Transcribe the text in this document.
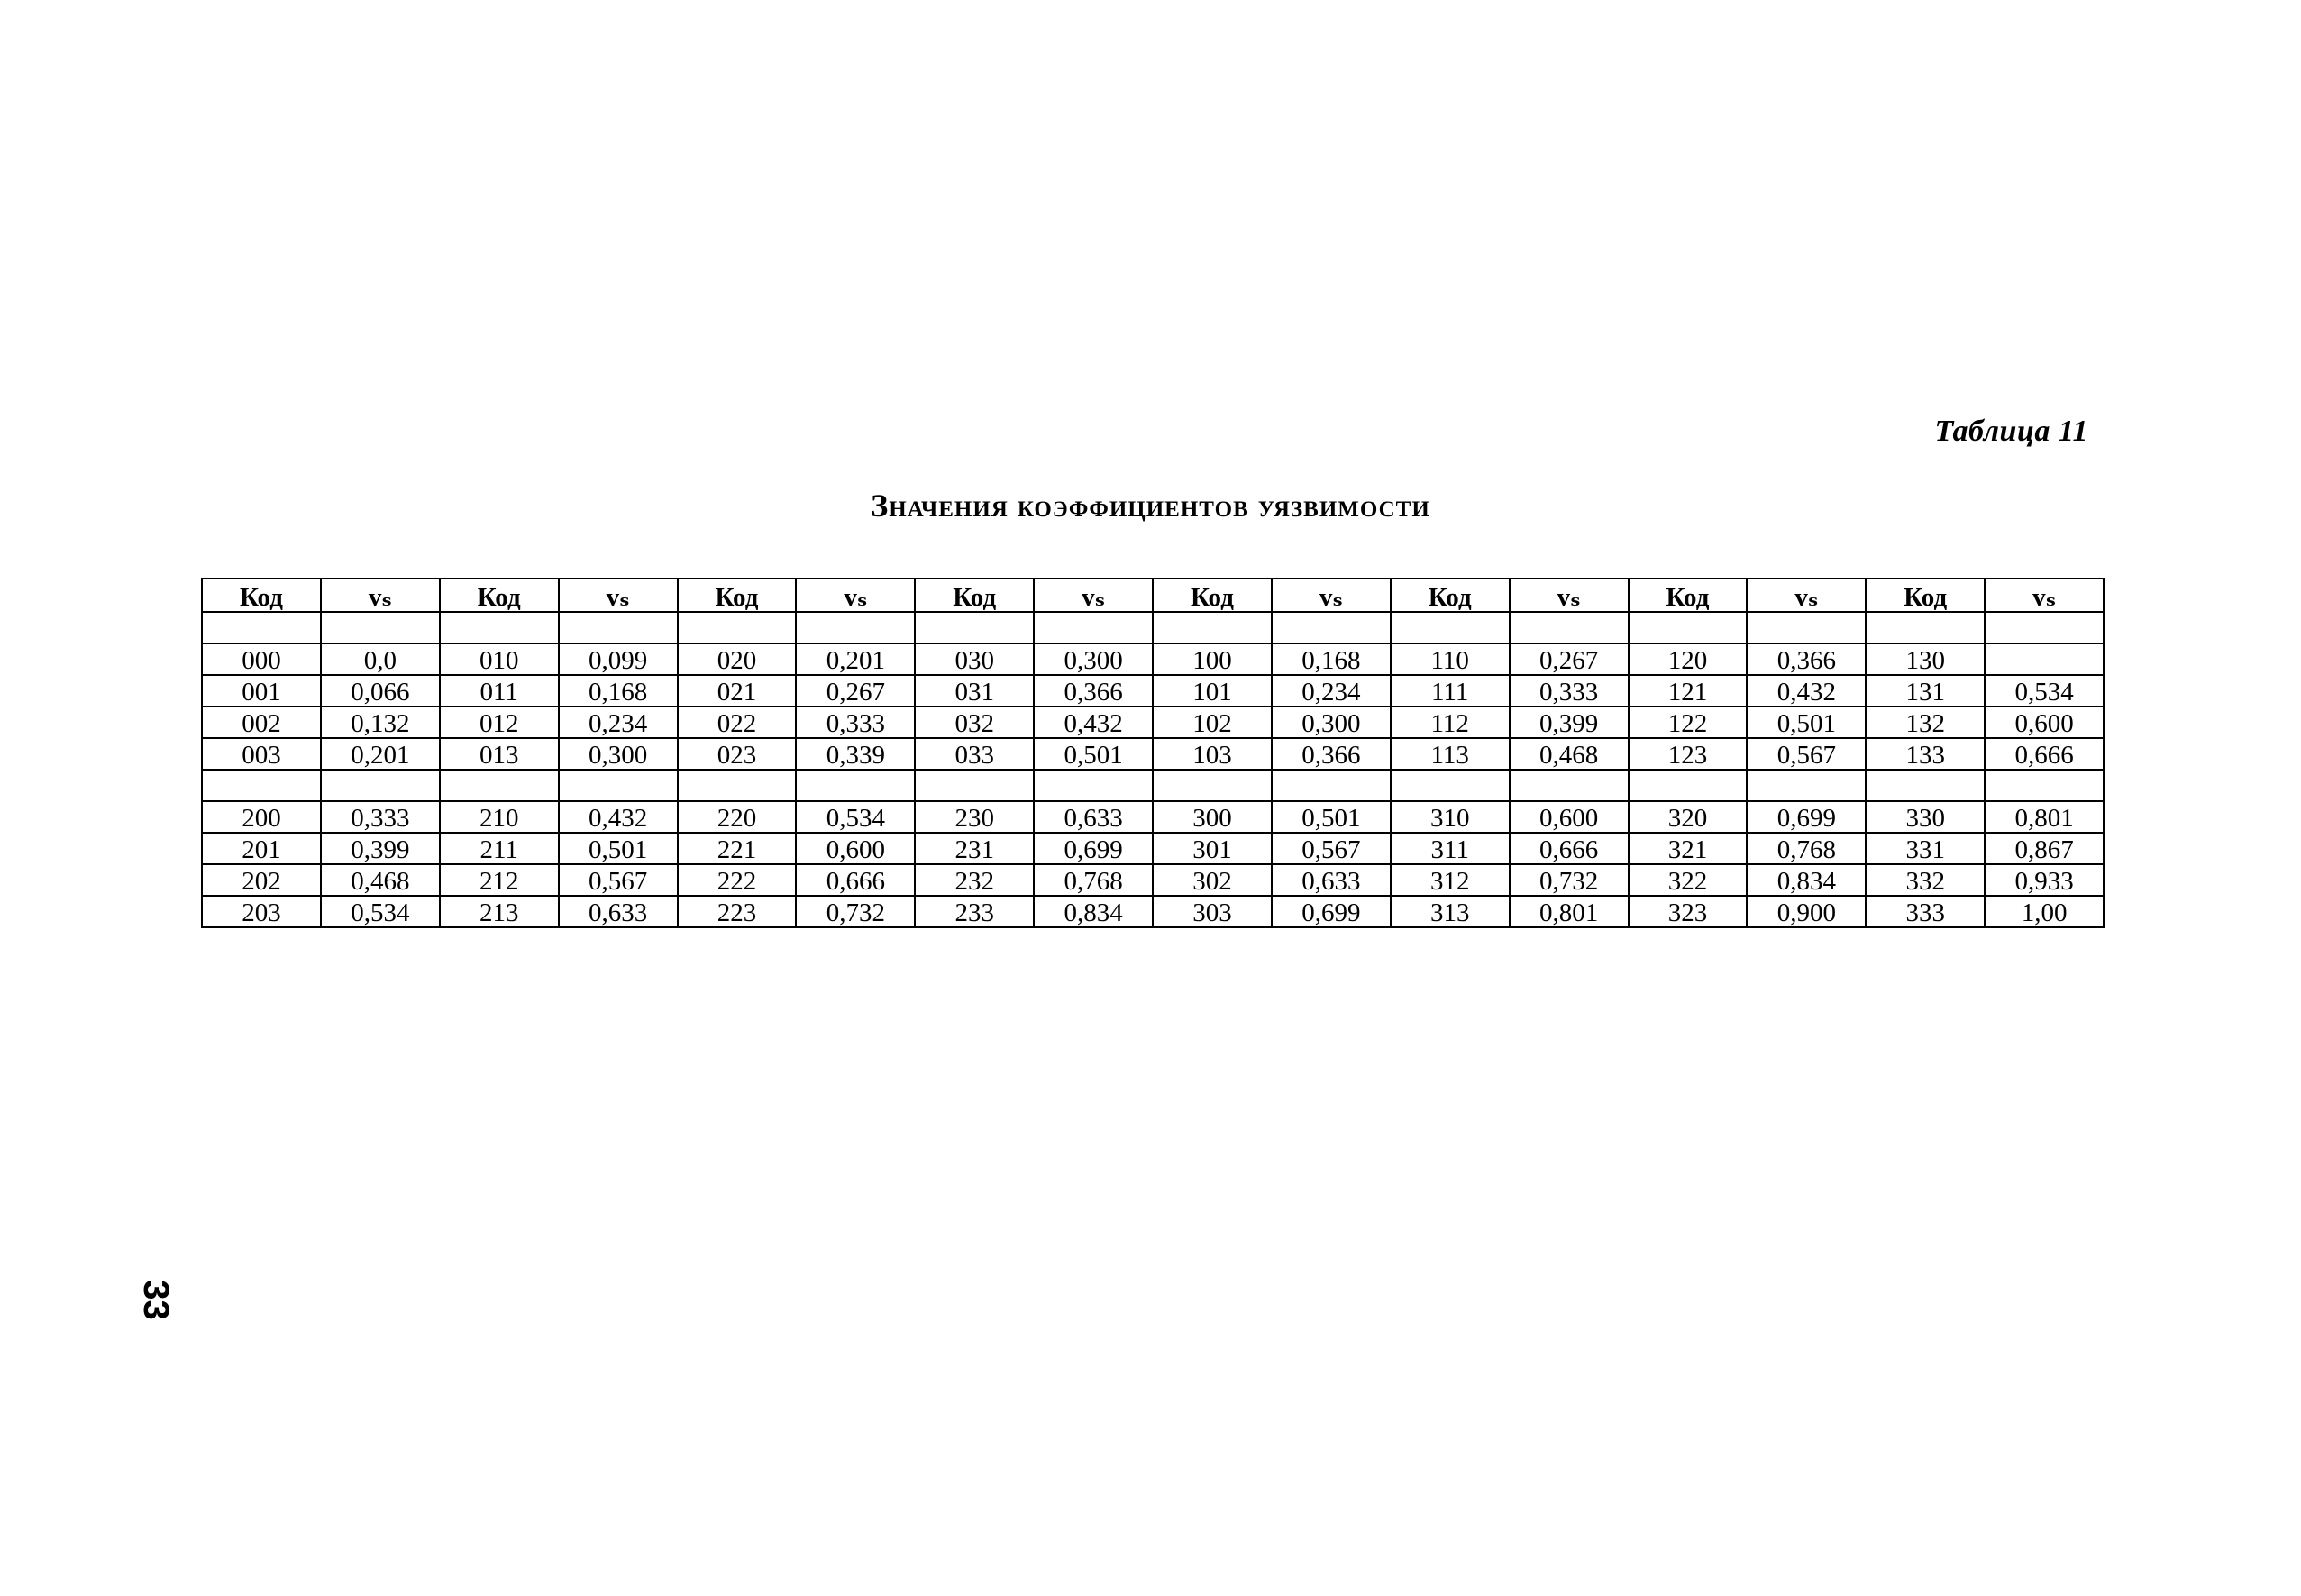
Таблица 11
Значения коэффициентов уязвимости
Код	vₛ	Код	vₛ	Код	vₛ	Код	vₛ	Код	vₛ	Код	vₛ	Код	vₛ	Код	vₛ

000	0,0	010	0,099	020	0,201	030	0,300	100	0,168	110	0,267	120	0,366	130	
001	0,066	011	0,168	021	0,267	031	0,366	101	0,234	111	0,333	121	0,432	131	0,534
002	0,132	012	0,234	022	0,333	032	0,432	102	0,300	112	0,399	122	0,501	132	0,600
003	0,201	013	0,300	023	0,339	033	0,501	103	0,366	113	0,468	123	0,567	133	0,666

200	0,333	210	0,432	220	0,534	230	0,633	300	0,501	310	0,600	320	0,699	330	0,801
201	0,399	211	0,501	221	0,600	231	0,699	301	0,567	311	0,666	321	0,768	331	0,867
202	0,468	212	0,567	222	0,666	232	0,768	302	0,633	312	0,732	322	0,834	332	0,933
203	0,534	213	0,633	223	0,732	233	0,834	303	0,699	313	0,801	323	0,900	333	1,00
33
